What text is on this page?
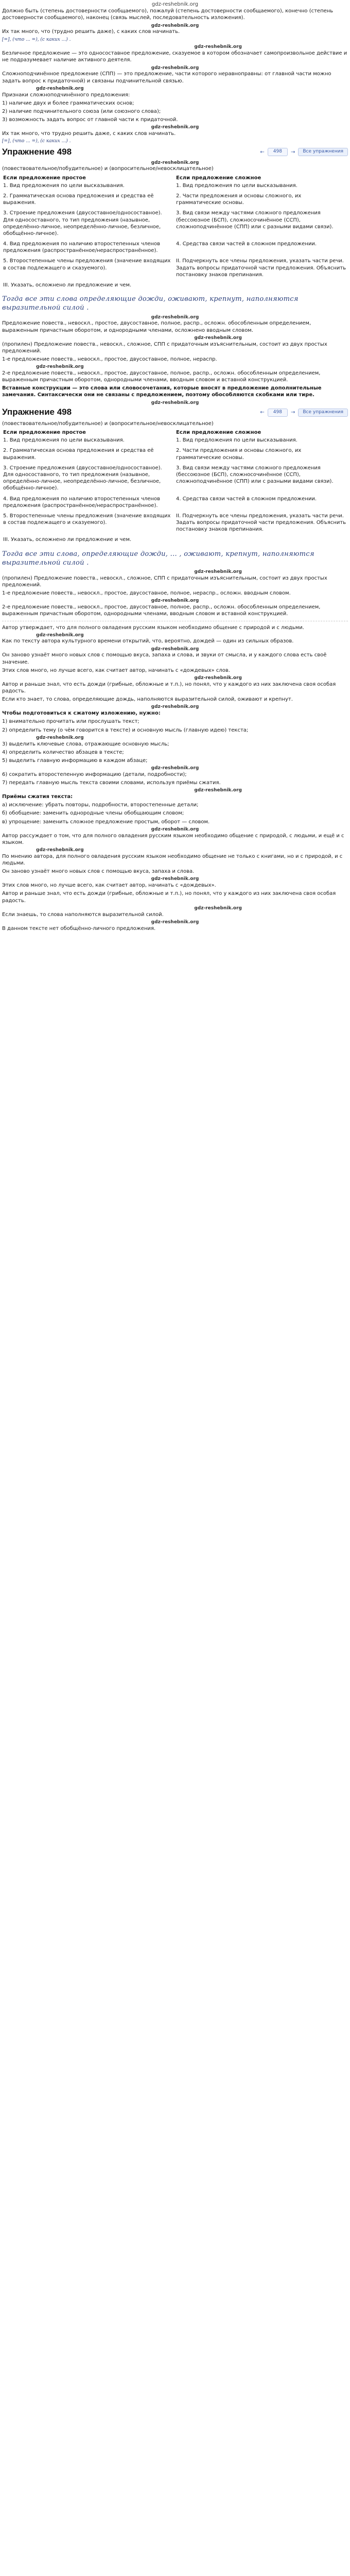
gdz-reshebnik.org

Должно быть (степень достоверности сообщаемого), пожалуй (степень достоверности сообщаемого), конечно (степень достоверности сообщаемого), наконец (связь мыслей, последовательность изложения).

gdz-reshebnik.org

Их так много, что (трудно решить даже), с каких слов начинать.

[=], (что ... =), (с каких ...) .

gdz-reshebnik.org

Безличное предложение — это односоставное предложение, сказуемое в котором обозначает самопроизвольное действие и не подразумевает наличие активного деятеля.

gdz-reshebnik.org

Сложноподчинённое предложение (СПП) — это предложение, части которого неравноправны: от главной части можно задать вопрос к придаточной) и связаны подчинительной связью.

gdz-reshebnik.org

Признаки сложноподчинённого предложения:

1) наличие двух и более грамматических основ;

2) наличие подчинительного союза (или союзного слова);

3) возможность задать вопрос от главной части к придаточной.

gdz-reshebnik.org

Их так много, что трудно решить даже, с каких слов начинать.

[=], (что ... =), (с каких ...) .

Упражнение 498	←	498	→	Все упражнения
gdz-reshebnik.org

(повествовательное/побудительное) и (вопросительное/невосклицательное)

Если предложение простое	Если предложение сложное
1. Вид предложения по цели высказывания.	1. Вид предложения по цели высказывания.
2. Грамматическая основа предложения и средства её выражения.	2. Части предложения и основы сложного, их грамматические основы.
3. Строение предложения (двусоставное/односоставное). Для односоставного, то тип предложения (назывное, определённо-личное, неопределённо-личное, безличное, обобщённо-личное).	3. Вид связи между частями сложного предложения (бессоюзное (БСП), сложносочинённое (ССП), сложноподчинённое (СПП) или с разными видами связи).
4. Вид предложения по наличию второстепенных членов предложения (распространённое/нераспространённое).	4. Средства связи частей в сложном предложении.
5. Второстепенные члены предложения (значение входящих в состав подлежащего и сказуемого).	II. Подчеркнуть все члены предложения, указать части речи. Задать вопросы придаточной части предложения. Объяснить постановку знаков препинания.
III. Указать, осложнено ли предложение и чем.	

Тогда все эти слова определяющие дожди, оживают, крепнут, наполняются выразительной силой .

gdz-reshebnik.org

Предложение повеств., невоскл., простое, двусоставное, полное, распр., осложн. обособленным определением, выраженным причастным оборотом, и однородными членами, осложнено вводным словом.

gdz-reshebnik.org

(пропилен) Предложение повеств., невоскл., сложное, СПП с придаточным изъяснительным, состоит из двух простых предложений.

1-е предложение повеств., невоскл., простое, двусоставное, полное, нераспр.

gdz-reshebnik.org

2-е предложение повеств., невоскл., простое, двусоставное, полное, распр., осложн. обособленным определением, выраженным причастным оборотом, однородными членами, вводным словом и вставной конструкцией.

Вставные конструкции — это слова или словосочетания, которые вносят в предложение дополнительные замечания. Синтаксически они не связаны с предложением, поэтому обособляются скобками или тире.

gdz-reshebnik.org
Упражнение 498	←	498	→	Все упражнения

(повествовательное/побудительное) и (вопросительное/невосклицательное)

Если предложение простое	Если предложение сложное
1. Вид предложения по цели высказывания.	1. Вид предложения по цели высказывания.
2. Грамматическая основа предложения и средства её выражения.	2. Части предложения и основы сложного, их грамматические основы.
3. Строение предложения (двусоставное/односоставное). Для односоставного, то тип предложения (назывное, определённо-личное, неопределённо-личное, безличное, обобщённо-личное).	3. Вид связи между частями сложного предложения (бессоюзное (БСП), сложносочинённое (ССП), сложноподчинённое (СПП) или с разными видами связи).
4. Вид предложения по наличию второстепенных членов предложения (распространённое/нераспространённое).	4. Средства связи частей в сложном предложении.
5. Второстепенные члены предложения (значение входящих в состав подлежащего и сказуемого).	II. Подчеркнуть все члены предложения, указать части речи. Задать вопросы придаточной части предложения. Объяснить постановку знаков препинания.
III. Указать, осложнено ли предложение и чем.	

Тогда все эти слова, определяющие дожди, ... , оживают, крепнут, наполняются выразительной силой .

gdz-reshebnik.org

(пропилен) Предложение повеств., невоскл., сложное, СПП с придаточным изъяснительным, состоит из двух простых предложений.

1-е предложение повеств., невоскл., простое, двусоставное, полное, нераспр., осложн. вводным словом.

gdz-reshebnik.org

2-е предложение повеств., невоскл., простое, двусоставное, полное, распр., осложн. обособленным определением, выраженным причастным оборотом, однородными членами, вводным словом и вставной конструкцией.

Автор утверждает, что для полного овладения русским языком необходимо общение с природой и с людьми.

gdz-reshebnik.org

Как по тексту автора культурного времени открытий, что, вероятно, дождей — один из сильных образов.

gdz-reshebnik.org

Он заново узнаёт много новых слов с помощью вкуса, запаха и слова, и звуки от смысла, и у каждого слова есть своё значение.

Этих слов много, но лучше всего, как считает автор, начинать с «дождевых» слов.

gdz-reshebnik.org

Автор и раньше знал, что есть дожди (грибные, обложные и т.п.), но понял, что у каждого из них заключена своя особая радость.

Если кто знает, то слова, определяющие дождь, наполняются выразительной силой, оживают и крепнут.

gdz-reshebnik.org

Чтобы подготовиться к сжатому изложению, нужно:

1) внимательно прочитать или прослушать текст;

2) определить тему (о чём говорится в тексте) и основную мысль (главную идею) текста;

gdz-reshebnik.org

3) выделить ключевые слова, отражающие основную мысль;

4) определить количество абзацев в тексте;

5) выделить главную информацию в каждом абзаце;

gdz-reshebnik.org

6) сократить второстепенную информацию (детали, подробности);

7) передать главную мысль текста своими словами, используя приёмы сжатия.

gdz-reshebnik.org

Приёмы сжатия текста:

а) исключение: убрать повторы, подробности, второстепенные детали;

б) обобщение: заменить однородные члены обобщающим словом;

в) упрощение: заменить сложное предложение простым, оборот — словом.

gdz-reshebnik.org

Автор рассуждает о том, что для полного овладения русским языком необходимо общение с природой, с людьми, и ещё и с языком.

gdz-reshebnik.org

По мнению автора, для полного овладения русским языком необходимо общение не только с книгами, но и с природой, и с людьми.

Он заново узнаёт много новых слов с помощью вкуса, запаха и слова.

gdz-reshebnik.org

Этих слов много, но лучше всего, как считает автор, начинать с «дождевых».

Автор и раньше знал, что есть дожди (грибные, обложные и т.п.), но понял, что у каждого из них заключена своя особая радость.

gdz-reshebnik.org

Если знаешь, то слова наполняются выразительной силой.

gdz-reshebnik.org

В данном тексте нет обобщённо-личного предложения.
